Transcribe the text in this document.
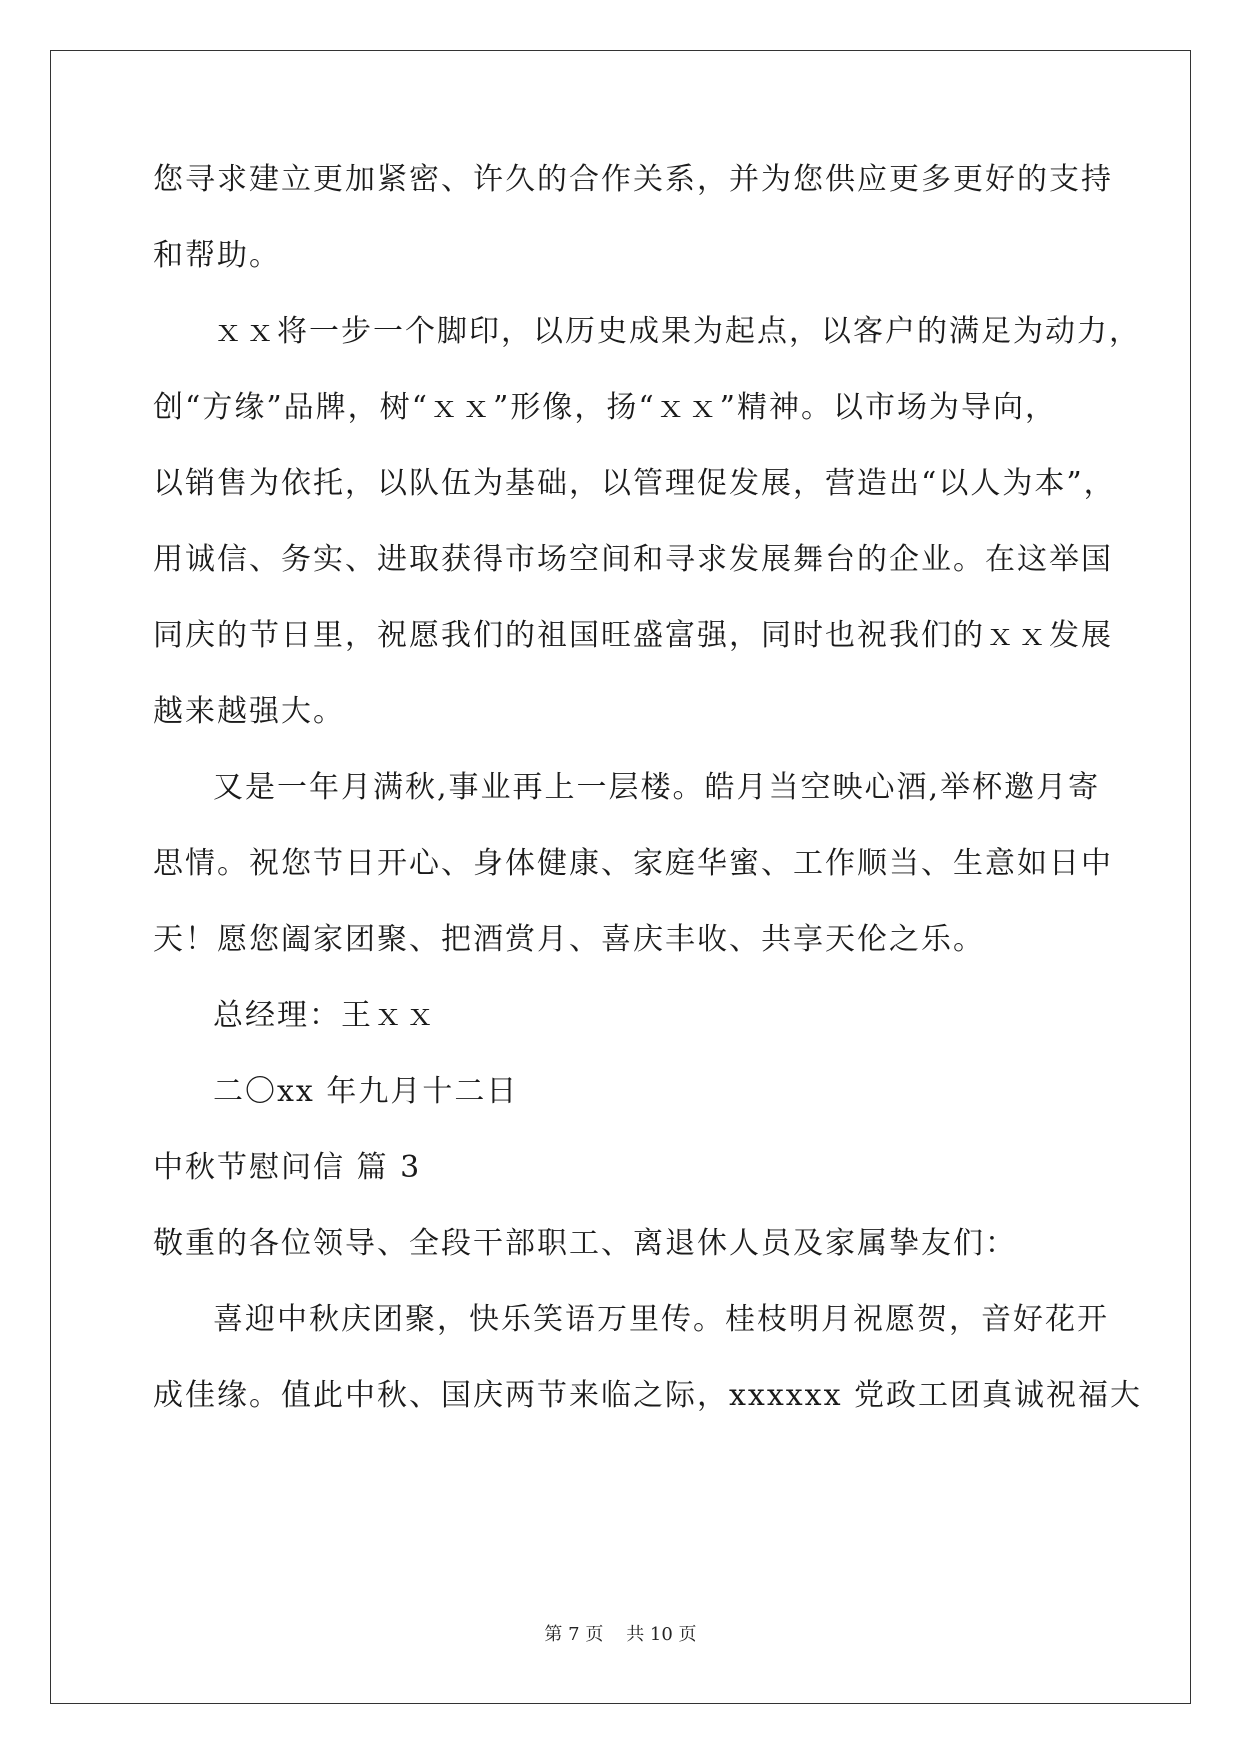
您寻求建立更加紧密、许久的合作关系，并为您供应更多更好的支持
和帮助。
ｘｘ将一步一个脚印，以历史成果为起点，以客户的满足为动力，
创“方缘”品牌，树“ｘｘ”形像，扬“ｘｘ”精神。以市场为导向，
以销售为依托，以队伍为基础，以管理促发展，营造出“以人为本”，
用诚信、务实、进取获得市场空间和寻求发展舞台的企业。在这举国
同庆的节日里，祝愿我们的祖国旺盛富强，同时也祝我们的ｘｘ发展
越来越强大。
又是一年月满秋,事业再上一层楼。皓月当空映心酒,举杯邀月寄
思情。祝您节日开心、身体健康、家庭华蜜、工作顺当、生意如日中
天！愿您阖家团聚、把酒赏月、喜庆丰收、共享天伦之乐。
总经理：王ｘｘ
二〇xx 年九月十二日
中秋节慰问信 篇 3
敬重的各位领导、全段干部职工、离退休人员及家属挚友们：
喜迎中秋庆团聚，快乐笑语万里传。桂枝明月祝愿贺，音好花开
成佳缘。值此中秋、国庆两节来临之际，xxxxxx 党政工团真诚祝福大
第 7 页    共 10 页
